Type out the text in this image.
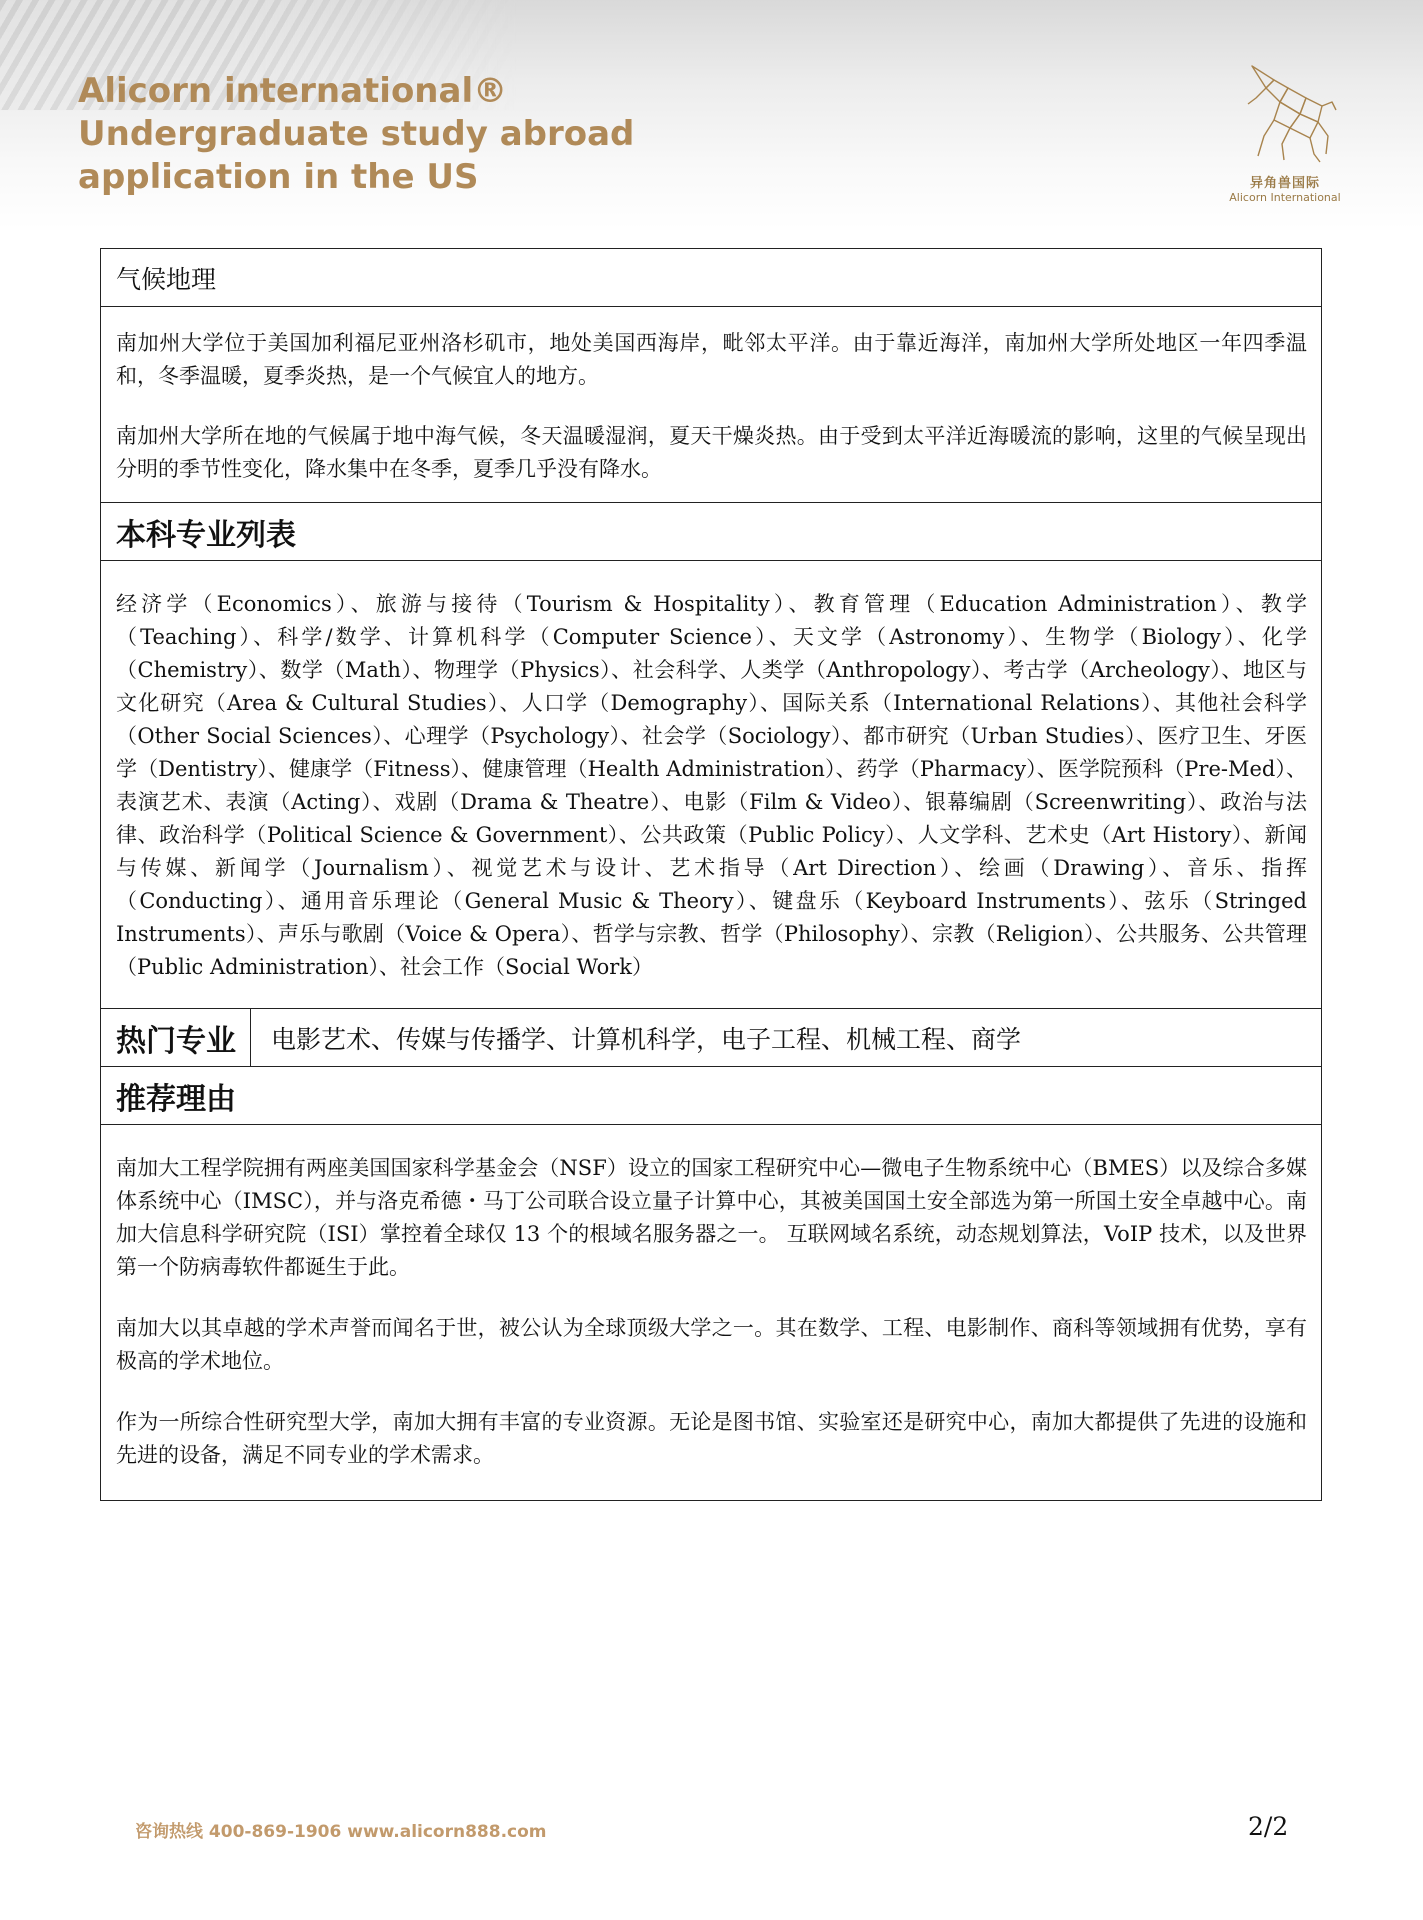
Alicorn international®
Undergraduate study abroad
application in the US	异角兽国际
Alicorn International
气候地理

南加州大学位于美国加利福尼亚州洛杉矶市，地处美国西海岸，毗邻太平洋。由于靠近海洋，南加州大学所处地区一年四季温和，冬季温暖，夏季炎热，是一个气候宜人的地方。

南加州大学所在地的气候属于地中海气候，冬天温暖湿润，夏天干燥炎热。由于受到太平洋近海暖流的影响，这里的气候呈现出分明的季节性变化，降水集中在冬季，夏季几乎没有降水。

本科专业列表

经济学（Economics）、旅游与接待（Tourism & Hospitality）、教育管理（Education Administration）、教学（Teaching）、科学/数学、计算机科学（Computer Science）、天文学（Astronomy）、生物学（Biology）、化学（Chemistry）、数学（Math）、物理学（Physics）、社会科学、人类学（Anthropology）、考古学（Archeology）、地区与文化研究（Area & Cultural Studies）、人口学（Demography）、国际关系（International Relations）、其他社会科学（Other Social Sciences）、心理学（Psychology）、社会学（Sociology）、都市研究（Urban Studies）、医疗卫生、牙医学（Dentistry）、健康学（Fitness）、健康管理（Health Administration）、药学（Pharmacy）、医学院预科（Pre-Med）、表演艺术、表演（Acting）、戏剧（Drama & Theatre）、电影（Film & Video）、银幕编剧（Screenwriting）、政治与法律、政治科学（Political Science & Government）、公共政策（Public Policy）、人文学科、艺术史（Art History）、新闻与传媒、新闻学（Journalism）、视觉艺术与设计、艺术指导（Art Direction）、绘画（Drawing）、音乐、指挥（Conducting）、通用音乐理论（General Music & Theory）、键盘乐（Keyboard Instruments）、弦乐（Stringed Instruments）、声乐与歌剧（Voice & Opera）、哲学与宗教、哲学（Philosophy）、宗教（Religion）、公共服务、公共管理（Public Administration）、社会工作（Social Work）

热门专业	电影艺术、传媒与传播学、计算机科学，电子工程、机械工程、商学
推荐理由

南加大工程学院拥有两座美国国家科学基金会（NSF）设立的国家工程研究中心—微电子生物系统中心（BMES）以及综合多媒体系统中心（IMSC），并与洛克希德・马丁公司联合设立量子计算中心，其被美国国土安全部选为第一所国土安全卓越中心。南加大信息科学研究院（ISI）掌控着全球仅 13 个的根域名服务器之一。 互联网域名系统，动态规划算法，VoIP 技术，以及世界第一个防病毒软件都诞生于此。

南加大以其卓越的学术声誉而闻名于世，被公认为全球顶级大学之一。其在数学、工程、电影制作、商科等领域拥有优势，享有极高的学术地位。

作为一所综合性研究型大学，南加大拥有丰富的专业资源。无论是图书馆、实验室还是研究中心，南加大都提供了先进的设施和先进的设备，满足不同专业的学术需求。

咨询热线 400-869-1906 www.alicorn888.com	2/2
